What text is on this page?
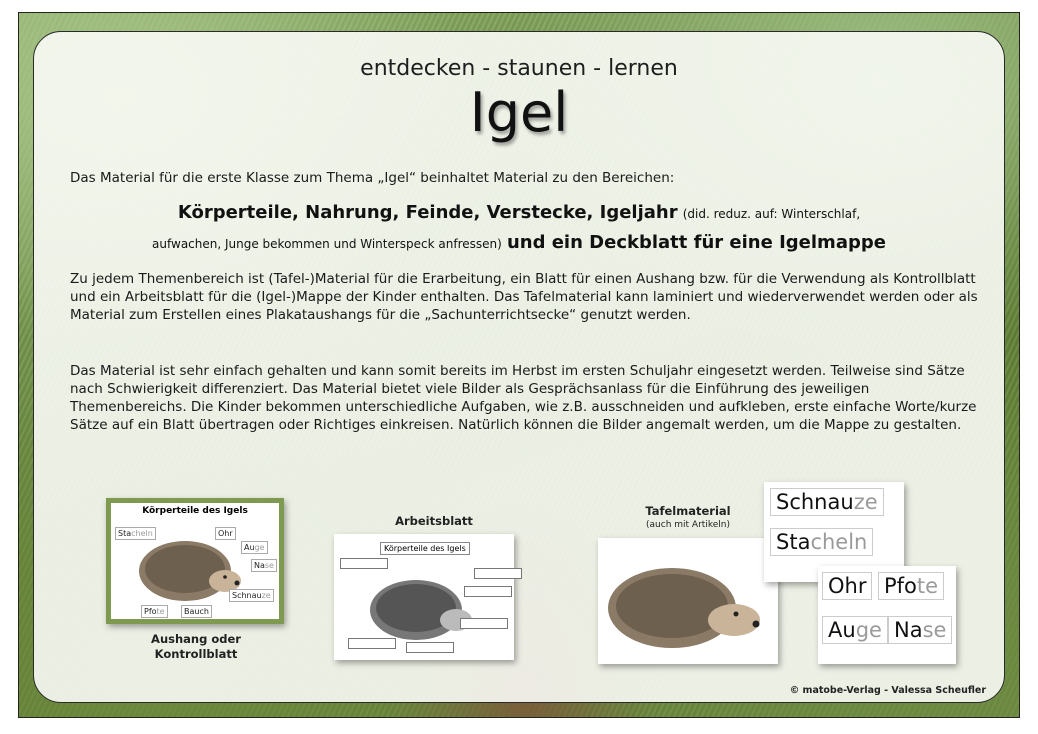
entdecken - staunen - lernen
Igel
Das Material für die erste Klasse zum Thema „Igel“ beinhaltet Material zu den Bereichen:
Körperteile, Nahrung, Feinde, Verstecke, Igeljahr (did. reduz. auf: Winterschlaf,
aufwachen, Junge bekommen und Winterspeck anfressen) und ein Deckblatt für eine Igelmappe

Zu jedem Themenbereich ist (Tafel-)Material für die Erarbeitung, ein Blatt für einen Aushang bzw. für die Verwendung als Kontrollblatt und ein Arbeitsblatt für die (Igel-)Mappe der Kinder enthalten. Das Tafelmaterial kann laminiert und wiederverwendet werden oder als Material zum Erstellen eines Plakataushangs für die „Sachunterrichtsecke“ genutzt werden.

Das Material ist sehr einfach gehalten und kann somit bereits im Herbst im ersten Schuljahr eingesetzt werden. Teilweise sind Sätze nach Schwierigkeit differenziert. Das Material bietet viele Bilder als Gesprächsanlass für die Einführung des jeweiligen Themenbereichs. Die Kinder bekommen unterschiedliche Aufgaben, wie z.B. ausschneiden und aufkleben, erste einfache Worte/kurze Sätze auf ein Blatt übertragen oder Richtiges einkreisen. Natürlich können die Bilder angemalt werden, um die Mappe zu gestalten.

Körperteile des Igels
Stacheln	Ohr
Auge
Nase
Schnauze
Pfote	Bauch
Aushang oder
Kontrollblatt
Arbeitsblatt
Körperteile des Igels
Tafelmaterial
(auch mit Artikeln)
Schnauze
Stacheln
Ohr Pfote
Auge Nase
© matobe-Verlag - Valessa Scheufler
